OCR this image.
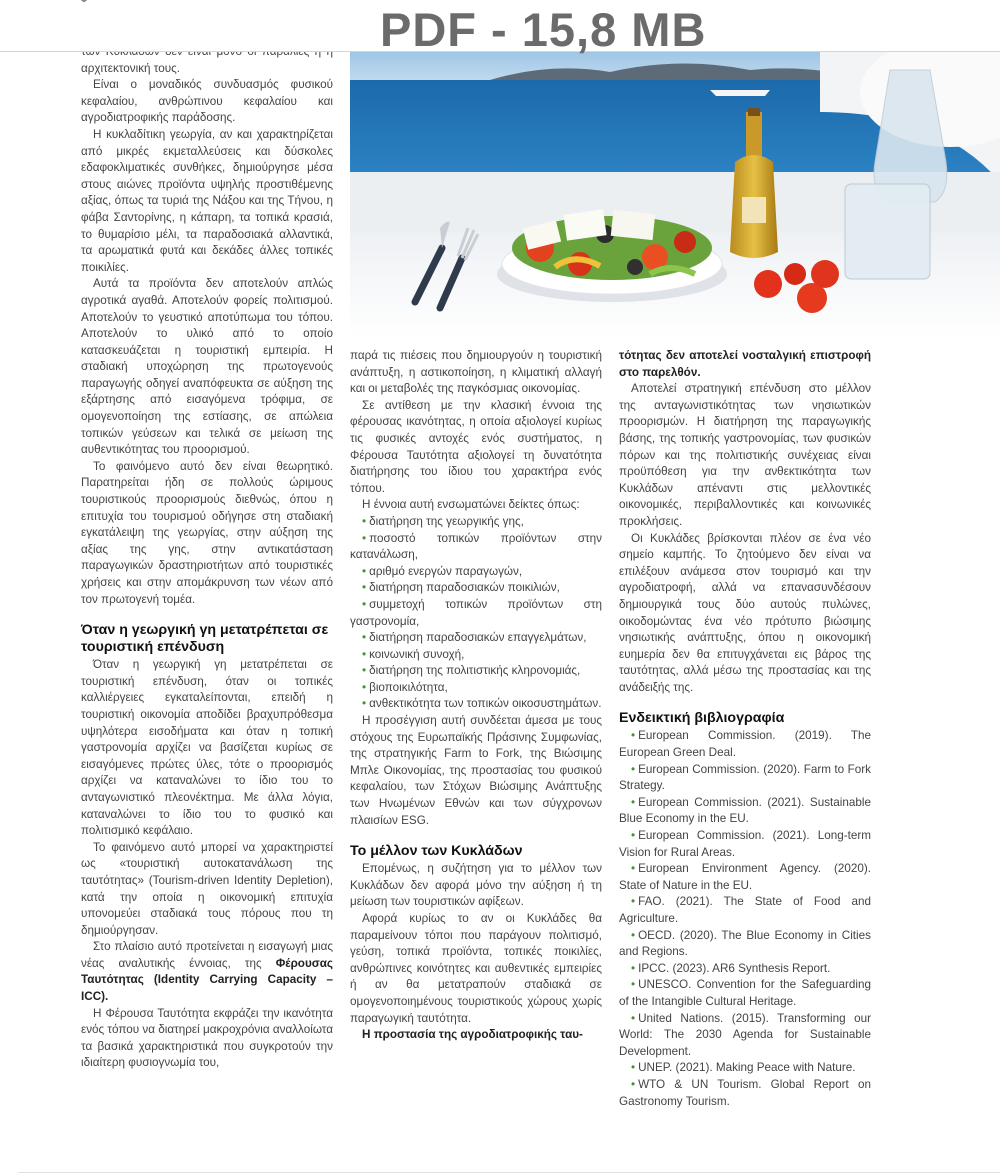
PDF - 15,8 MB

αρχιτεκτονική τους.

Είναι ο μοναδικός συνδυασμός φυσικού κεφαλαίου, ανθρώπινου κεφαλαίου και αγροδιατροφικής παράδοσης.

Η κυκλαδίτικη γεωργία, αν και χαρακτηρίζεται από μικρές εκμεταλλεύσεις και δύσκολες εδαφοκλιματικές συνθήκες, δημιούργησε μέσα στους αιώνες προϊόντα υψηλής προστιθέμενης αξίας, όπως τα τυριά της Νάξου και της Τήνου, η φάβα Σαντορίνης, η κάπαρη, τα τοπικά κρασιά, το θυμαρίσιο μέλι, τα παραδοσιακά αλλαντικά, τα αρωματικά φυτά και δεκάδες άλλες τοπικές ποικιλίες.

Αυτά τα προϊόντα δεν αποτελούν απλώς αγροτικά αγαθά. Αποτελούν φορείς πολιτισμού. Αποτελούν το γευστικό αποτύπωμα του τόπου. Αποτελούν το υλικό από το οποίο κατασκευάζεται η τουριστική εμπειρία. Η σταδιακή υποχώρηση της πρωτογενούς παραγωγής οδηγεί αναπόφευκτα σε αύξηση της εξάρτησης από εισαγόμενα τρόφιμα, σε ομογενοποίηση της εστίασης, σε απώλεια τοπικών γεύσεων και τελικά σε μείωση της αυθεντικότητας του προορισμού.

Το φαινόμενο αυτό δεν είναι θεωρητικό. Παρατηρείται ήδη σε πολλούς ώριμους τουριστικούς προορισμούς διεθνώς, όπου η επιτυχία του τουρισμού οδήγησε στη σταδιακή εγκατάλειψη της γεωργίας, στην αύξηση της αξίας της γης, στην αντικατάσταση παραγωγικών δραστηριοτήτων από τουριστικές χρήσεις και στην απομάκρυνση των νέων από τον πρωτογενή τομέα.

Όταν η γεωργική γη μετατρέπεται σε τουριστική επένδυση

Όταν η γεωργική γη μετατρέπεται σε τουριστική επένδυση, όταν οι τοπικές καλλιέργειες εγκαταλείπονται, επειδή η τουριστική οικονομία αποδίδει βραχυπρόθεσμα υψηλότερα εισοδήματα και όταν η τοπική γαστρονομία αρχίζει να βασίζεται κυρίως σε εισαγόμενες πρώτες ύλες, τότε ο προορισμός αρχίζει να καταναλώνει το ίδιο του το ανταγωνιστικό πλεονέκτημα. Με άλλα λόγια, καταναλώνει το ίδιο του το φυσικό και πολιτισμικό κεφάλαιο.

Το φαινόμενο αυτό μπορεί να χαρακτηριστεί ως «τουριστική αυτοκατανάλωση της ταυτότητας» (Tourism-driven Identity Depletion), κατά την οποία η οικονομική επιτυχία υπονομεύει σταδιακά τους πόρους που τη δημιούργησαν.

Στο πλαίσιο αυτό προτείνεται η εισαγωγή μιας νέας αναλυτικής έννοιας, της Φέρουσας Ταυτότητας (Identity Carrying Capacity – ICC).

Η Φέρουσα Ταυτότητα εκφράζει την ικανότητα ενός τόπου να διατηρεί μακροχρόνια αναλλοίωτα τα βασικά χαρακτηριστικά που συγκροτούν την ιδιαίτερη φυσιογνωμία του,

παρά τις πιέσεις που δημιουργούν η τουριστική ανάπτυξη, η αστικοποίηση, η κλιματική αλλαγή και οι μεταβολές της παγκόσμιας οικονομίας.

Σε αντίθεση με την κλασική έννοια της φέρουσας ικανότητας, η οποία αξιολογεί κυρίως τις φυσικές αντοχές ενός συστήματος, η Φέρουσα Ταυτότητα αξιολογεί τη δυνατότητα διατήρησης του ίδιου του χαρακτήρα ενός τόπου.

Η έννοια αυτή ενσωματώνει δείκτες όπως:

• διατήρηση της γεωργικής γης,

• ποσοστό τοπικών προϊόντων στην κατανάλωση,

• αριθμό ενεργών παραγωγών,

• διατήρηση παραδοσιακών ποικιλιών,

• συμμετοχή τοπικών προϊόντων στη γαστρονομία,

• διατήρηση παραδοσιακών επαγγελμάτων,

• κοινωνική συνοχή,

• διατήρηση της πολιτιστικής κληρονομιάς,

• βιοποικιλότητα,

• ανθεκτικότητα των τοπικών οικοσυστημάτων.

Η προσέγγιση αυτή συνδέεται άμεσα με τους στόχους της Ευρωπαϊκής Πράσινης Συμφωνίας, της στρατηγικής Farm to Fork, της Βιώσιμης Μπλε Οικονομίας, της προστασίας του φυσικού κεφαλαίου, των Στόχων Βιώσιμης Ανάπτυξης των Ηνωμένων Εθνών και των σύγχρονων πλαισίων ESG.

Το μέλλον των Κυκλάδων

Επομένως, η συζήτηση για το μέλλον των Κυκλάδων δεν αφορά μόνο την αύξηση ή τη μείωση των τουριστικών αφίξεων.

Αφορά κυρίως το αν οι Κυκλάδες θα παραμείνουν τόποι που παράγουν πολιτισμό, γεύση, τοπικά προϊόντα, τοπικές ποικιλίες, ανθρώπινες κοινότητες και αυθεντικές εμπειρίες ή αν θα μετατραπούν σταδιακά σε ομογενοποιημένους τουριστικούς χώρους χωρίς παραγωγική ταυτότητα.

Η προστασία της αγροδιατροφικής ταυ-

τότητας δεν αποτελεί νοσταλγική επιστροφή στο παρελθόν.

Αποτελεί στρατηγική επένδυση στο μέλλον της ανταγωνιστικότητας των νησιωτικών προορισμών. Η διατήρηση της παραγωγικής βάσης, της τοπικής γαστρονομίας, των φυσικών πόρων και της πολιτιστικής συνέχειας είναι προϋπόθεση για την ανθεκτικότητα των Κυκλάδων απέναντι στις μελλοντικές οικονομικές, περιβαλλοντικές και κοινωνικές προκλήσεις.

Οι Κυκλάδες βρίσκονται πλέον σε ένα νέο σημείο καμπής. Το ζητούμενο δεν είναι να επιλέξουν ανάμεσα στον τουρισμό και την αγροδιατροφή, αλλά να επανασυνδέσουν δημιουργικά τους δύο αυτούς πυλώνες, οικοδομώντας ένα νέο πρότυπο βιώσιμης νησιωτικής ανάπτυξης, όπου η οικονομική ευημερία δεν θα επιτυγχάνεται εις βάρος της ταυτότητας, αλλά μέσω της προστασίας και της ανάδειξής της.

Ενδεικτική βιβλιογραφία

• European Commission. (2019). The European Green Deal.

• European Commission. (2020). Farm to Fork Strategy.

• European Commission. (2021). Sustainable Blue Economy in the EU.

• European Commission. (2021). Long-term Vision for Rural Areas.

• European Environment Agency. (2020). State of Nature in the EU.

• FAO. (2021). The State of Food and Agriculture.

• OECD. (2020). The Blue Economy in Cities and Regions.

• IPCC. (2023). AR6 Synthesis Report.

• UNESCO. Convention for the Safeguarding of the Intangible Cultural Heritage.

• United Nations. (2015). Transforming our World: The 2030 Agenda for Sustainable Development.

• UNEP. (2021). Making Peace with Nature.

• WTO & UN Tourism. Global Report on Gastronomy Tourism.
